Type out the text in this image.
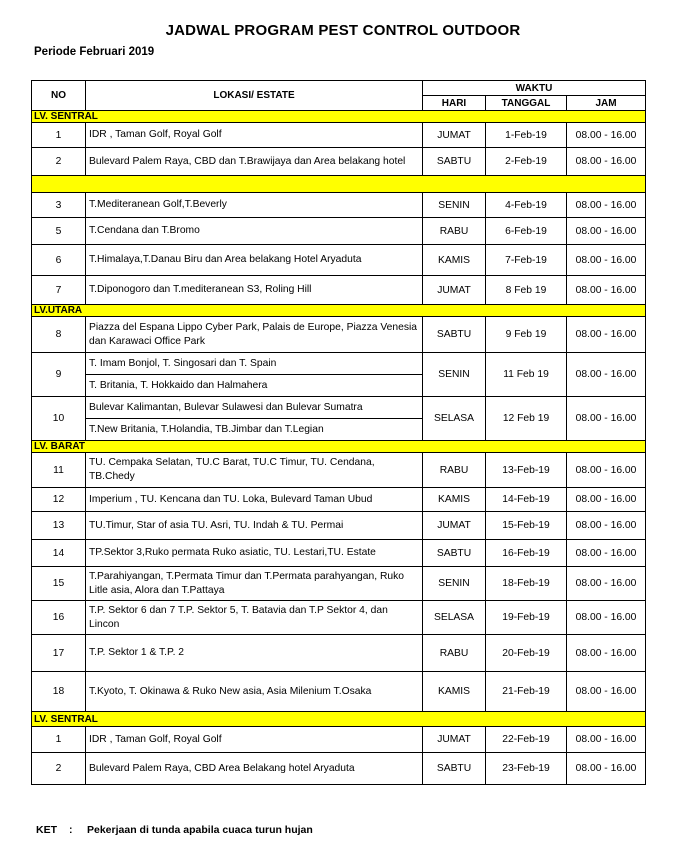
JADWAL PROGRAM PEST CONTROL OUTDOOR
Periode Februari 2019
NO	LOKASI/ ESTATE	WAKTU		
		HARI	TANGGAL	JAM
LV. SENTRAL				
1	IDR , Taman Golf, Royal Golf	JUMAT	1-Feb-19	08.00 - 16.00
2	Bulevard Palem Raya, CBD dan T.Brawijaya dan Area belakang hotel	SABTU	2-Feb-19	08.00 - 16.00

3	T.Mediteranean Golf,T.Beverly	SENIN	4-Feb-19	08.00 - 16.00
5	T.Cendana dan T.Bromo	RABU	6-Feb-19	08.00 - 16.00
6	T.Himalaya,T.Danau Biru dan Area belakang Hotel Aryaduta	KAMIS	7-Feb-19	08.00 - 16.00
7	T.Diponogoro dan T.mediteranean S3, Roling Hill	JUMAT	8 Feb 19	08.00 - 16.00
LV.UTARA				
8	Piazza del Espana Lippo Cyber Park, Palais de Europe, Piazza Venesia dan Karawaci Office Park	SABTU	9 Feb 19	08.00 - 16.00
9	T. Imam Bonjol, T. Singosari dan T. Spain	SENIN	11 Feb 19	08.00 - 16.00
	T. Britania, T. Hokkaido dan Halmahera			
10	Bulevar Kalimantan, Bulevar Sulawesi dan Bulevar Sumatra	SELASA	12 Feb 19	08.00 - 16.00
	T.New Britania, T.Holandia, TB.Jimbar dan T.Legian			
LV. BARAT				
11	TU. Cempaka Selatan, TU.C Barat, TU.C Timur, TU. Cendana, TB.Chedy	RABU	13-Feb-19	08.00 - 16.00
12	Imperium , TU. Kencana dan TU. Loka, Bulevard Taman Ubud	KAMIS	14-Feb-19	08.00 - 16.00
13	TU.Timur, Star of asia TU. Asri, TU. Indah & TU. Permai	JUMAT	15-Feb-19	08.00 - 16.00
14	TP.Sektor 3,Ruko permata Ruko asiatic, TU. Lestari,TU. Estate	SABTU	16-Feb-19	08.00 - 16.00
15	T.Parahiyangan, T.Permata Timur dan T.Permata parahyangan, Ruko Litle asia, Alora dan T.Pattaya	SENIN	18-Feb-19	08.00 - 16.00
16	T.P. Sektor 6 dan 7 T.P. Sektor 5, T. Batavia dan T.P Sektor 4, dan Lincon	SELASA	19-Feb-19	08.00 - 16.00
17	T.P. Sektor 1 & T.P. 2	RABU	20-Feb-19	08.00 - 16.00
18	T.Kyoto, T. Okinawa & Ruko New asia, Asia Milenium T.Osaka	KAMIS	21-Feb-19	08.00 - 16.00
LV. SENTRAL				
1	IDR , Taman Golf, Royal Golf	JUMAT	22-Feb-19	08.00 - 16.00
2	Bulevard Palem Raya, CBD Area Belakang hotel Aryaduta	SABTU	23-Feb-19	08.00 - 16.00
KET : Pekerjaan di tunda apabila cuaca turun hujan
